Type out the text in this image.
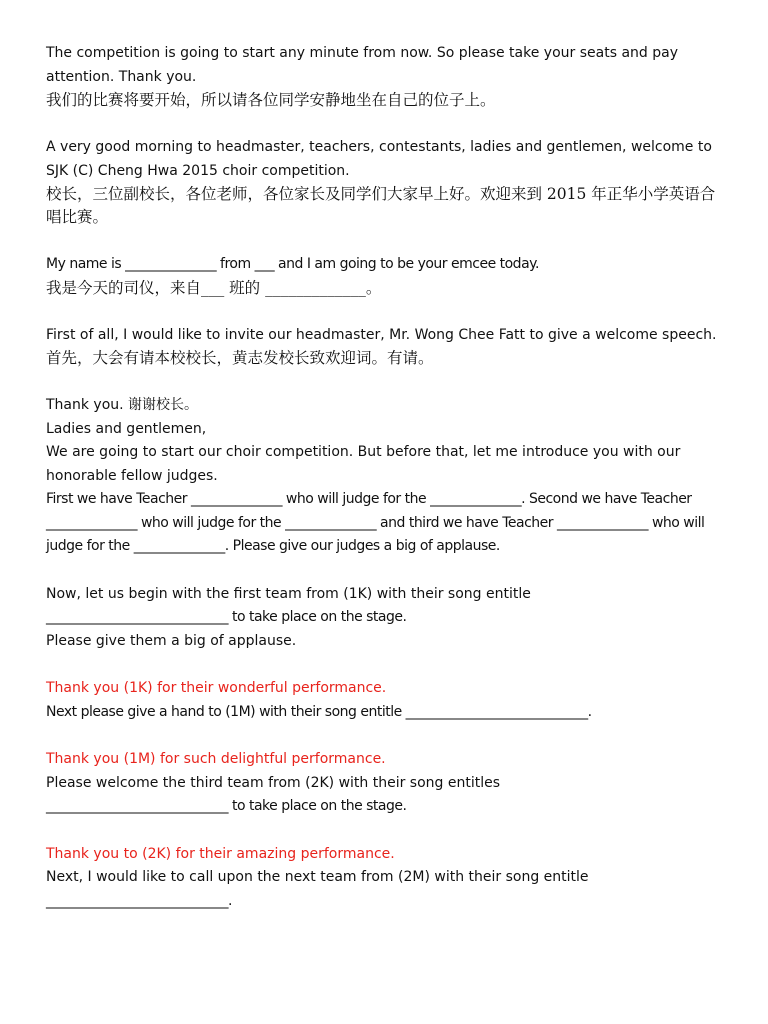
The competition is going to start any minute from now. So please take your seats and pay attention. Thank you.

我们的比赛将要开始，所以请各位同学安静地坐在自己的位子上。

A very good morning to headmaster, teachers, contestants, ladies and gentlemen, welcome to SJK (C) Cheng Hwa 2015 choir competition.

校长，三位副校长，各位老师，各位家长及同学们大家早上好。欢迎来到 2015 年正华小学英语合唱比赛。

My name is ______________ from ___ and I am going to be your emcee today.

我是今天的司仪，来自___ 班的 _____________。

First of all, I would like to invite our headmaster, Mr. Wong Chee Fatt to give a welcome speech.

首先，大会有请本校校长，黄志发校长致欢迎词。有请。

Thank you. 谢谢校长。

Ladies and gentlemen,

We are going to start our choir competition. But before that, let me introduce you with our honorable fellow judges.

First we have Teacher ______________ who will judge for the ______________. Second we have Teacher ______________ who will judge for the ______________ and third we have Teacher ______________ who will judge for the ______________. Please give our judges a big of applause.

Now, let us begin with the first team from (1K) with their song entitle

____________________________ to take place on the stage.

Please give them a big of applause.

Thank you (1K) for their wonderful performance.

Next please give a hand to (1M) with their song entitle ____________________________.

Thank you (1M) for such delightful performance.

Please welcome the third team from (2K) with their song entitles

____________________________ to take place on the stage.

Thank you to (2K) for their amazing performance.

Next, I would like to call upon the next team from (2M) with their song entitle

____________________________.
